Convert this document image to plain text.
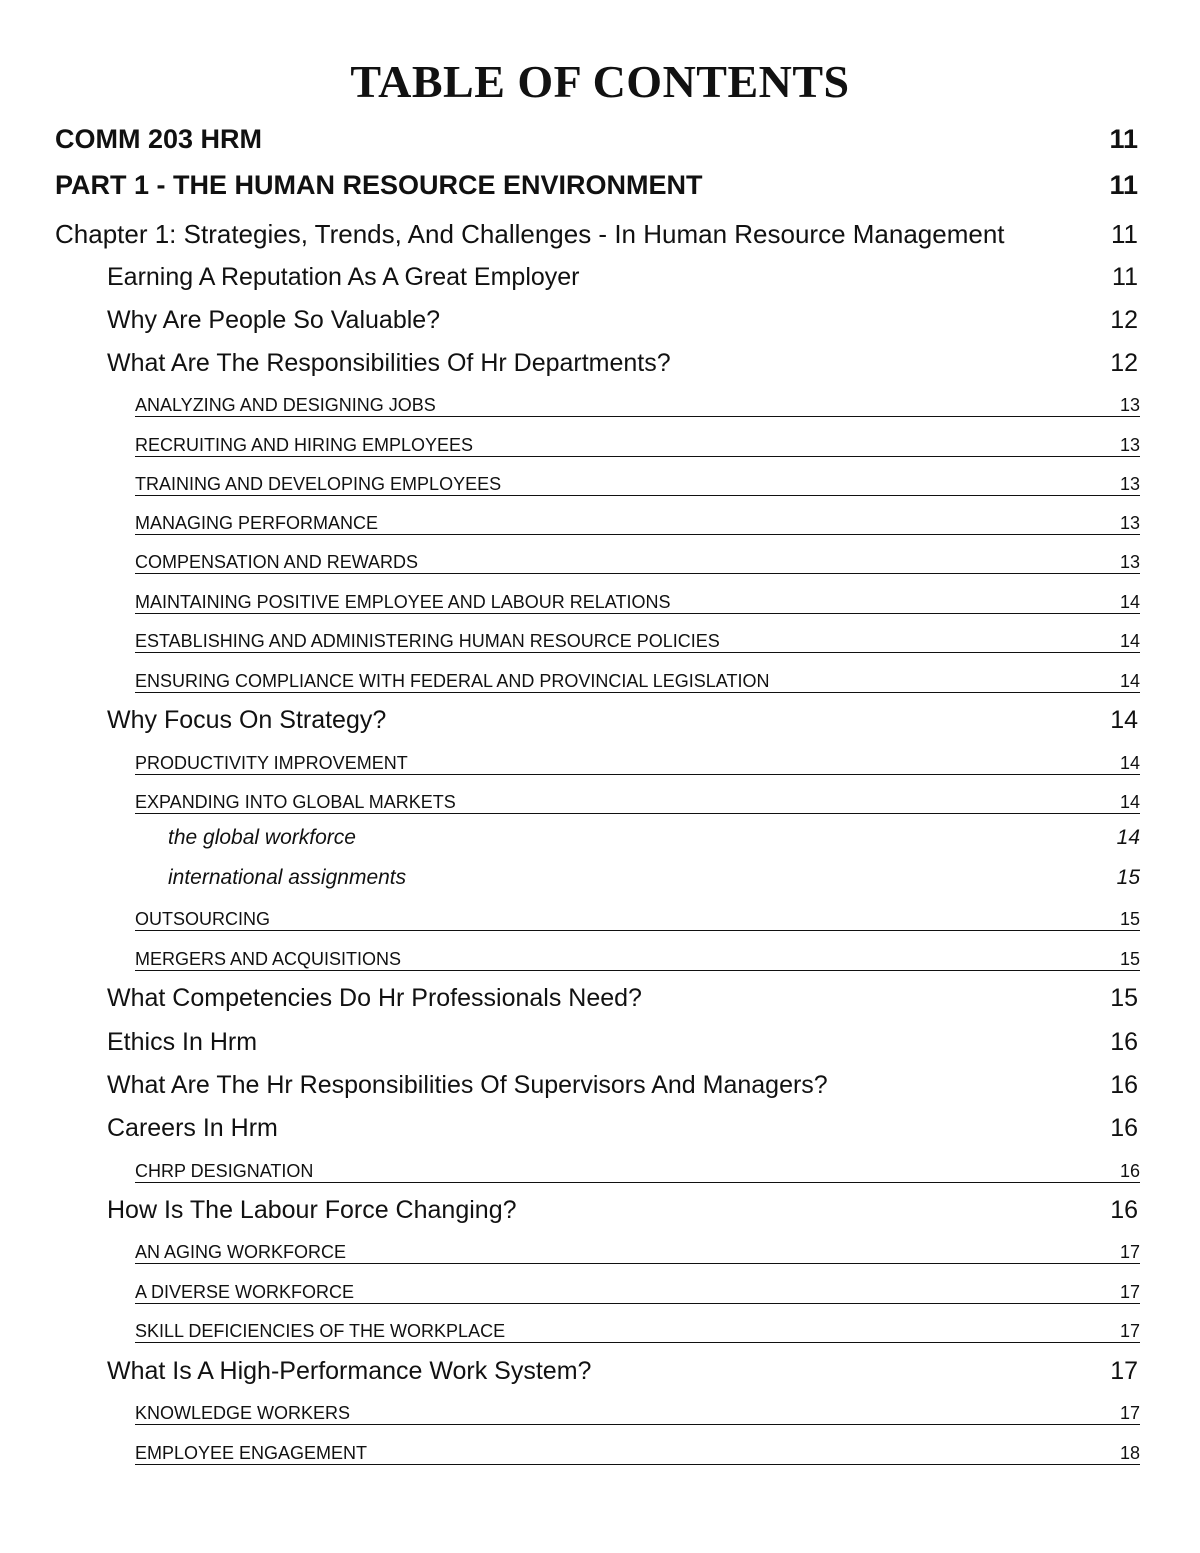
TABLE OF CONTENTS
COMM 203 HRM	11
PART 1 - THE HUMAN RESOURCE ENVIRONMENT	11
Chapter 1: Strategies, Trends, And Challenges - In Human Resource Management	11
Earning A Reputation As A Great Employer	11
Why Are People So Valuable?	12
What Are The Responsibilities Of Hr Departments?	12
ANALYZING AND DESIGNING JOBS	13
RECRUITING AND HIRING EMPLOYEES	13
TRAINING AND DEVELOPING EMPLOYEES	13
MANAGING PERFORMANCE	13
COMPENSATION AND REWARDS	13
MAINTAINING POSITIVE EMPLOYEE AND LABOUR RELATIONS	14
ESTABLISHING AND ADMINISTERING HUMAN RESOURCE POLICIES	14
ENSURING COMPLIANCE WITH FEDERAL AND PROVINCIAL LEGISLATION	14
Why Focus On Strategy?	14
PRODUCTIVITY IMPROVEMENT	14
EXPANDING INTO GLOBAL MARKETS	14
the global workforce	14
international assignments	15
OUTSOURCING	15
MERGERS AND ACQUISITIONS	15
What Competencies Do Hr Professionals Need?	15
Ethics In Hrm	16
What Are The Hr Responsibilities Of Supervisors And Managers?	16
Careers In Hrm	16
CHRP DESIGNATION	16
How Is The Labour Force Changing?	16
AN AGING WORKFORCE	17
A DIVERSE WORKFORCE	17
SKILL DEFICIENCIES OF THE WORKPLACE	17
What Is A High-Performance Work System?	17
KNOWLEDGE WORKERS	17
EMPLOYEE ENGAGEMENT	18
